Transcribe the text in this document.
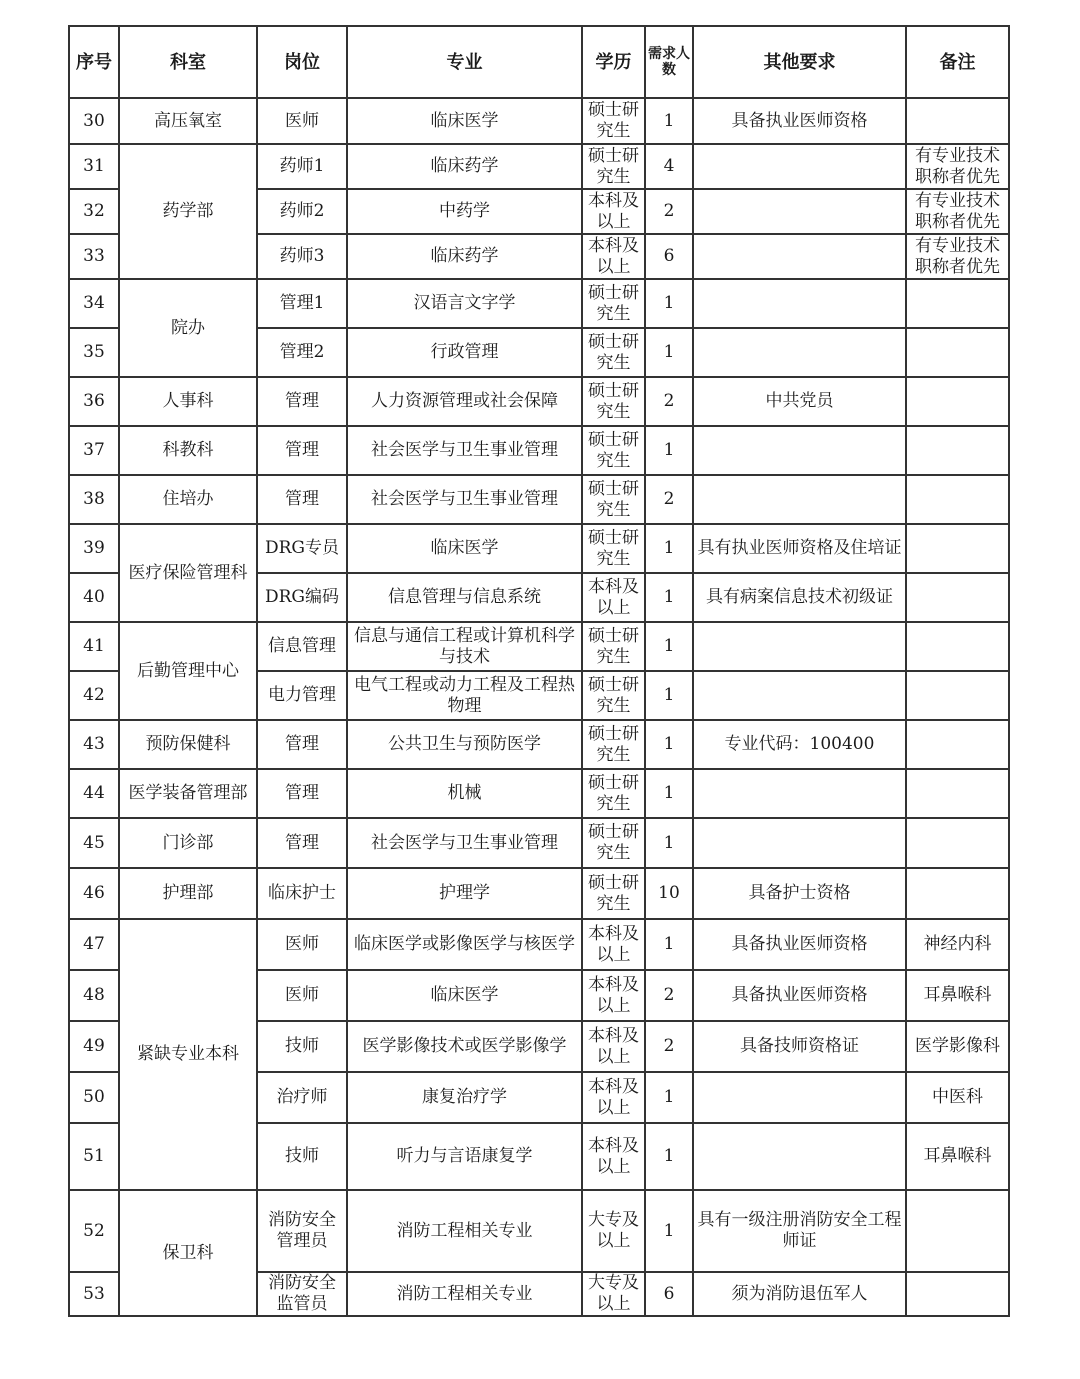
序号	科室	岗位	专业	学历	需求人数	其他要求	备注
30	高压氧室	医师	临床医学	硕士研究生	1	具备执业医师资格	
31	药学部	药师1	临床药学	硕士研究生	4		有专业技术职称者优先
32		药师2	中药学	本科及以上	2		有专业技术职称者优先
33		药师3	临床药学	本科及以上	6		有专业技术职称者优先
34	院办	管理1	汉语言文字学	硕士研究生	1		
35		管理2	行政管理	硕士研究生	1		
36	人事科	管理	人力资源管理或社会保障	硕士研究生	2	中共党员	
37	科教科	管理	社会医学与卫生事业管理	硕士研究生	1		
38	住培办	管理	社会医学与卫生事业管理	硕士研究生	2		
39	医疗保险管理科	DRG专员	临床医学	硕士研究生	1	具有执业医师资格及住培证	
40		DRG编码	信息管理与信息系统	本科及以上	1	具有病案信息技术初级证	
41	后勤管理中心	信息管理	信息与通信工程或计算机科学与技术	硕士研究生	1		
42		电力管理	电气工程或动力工程及工程热物理	硕士研究生	1		
43	预防保健科	管理	公共卫生与预防医学	硕士研究生	1	专业代码：100400	
44	医学装备管理部	管理	机械	硕士研究生	1		
45	门诊部	管理	社会医学与卫生事业管理	硕士研究生	1		
46	护理部	临床护士	护理学	硕士研究生	10	具备护士资格	
47	紧缺专业本科	医师	临床医学或影像医学与核医学	本科及以上	1	具备执业医师资格	神经内科
48		医师	临床医学	本科及以上	2	具备执业医师资格	耳鼻喉科
49		技师	医学影像技术或医学影像学	本科及以上	2	具备技师资格证	医学影像科
50		治疗师	康复治疗学	本科及以上	1		中医科
51		技师	听力与言语康复学	本科及以上	1		耳鼻喉科
52	保卫科	消防安全管理员	消防工程相关专业	大专及以上	1	具有一级注册消防安全工程师证	
53		消防安全监管员	消防工程相关专业	大专及以上	6	须为消防退伍军人	
